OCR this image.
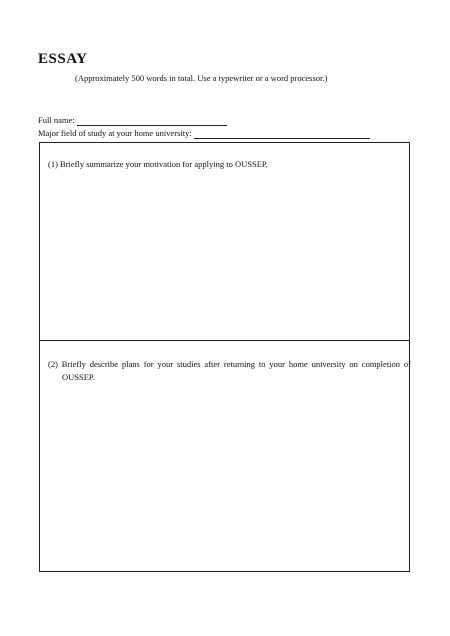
ESSAY
(Approximately 500 words in total. Use a typewriter or a word processor.)
Full name:
Major field of study at your home university:
(1) Briefly summarize your motivation for applying to OUSSEP.
(2) Briefly describe plans for your studies after returning to your home university on completion of OUSSEP.
